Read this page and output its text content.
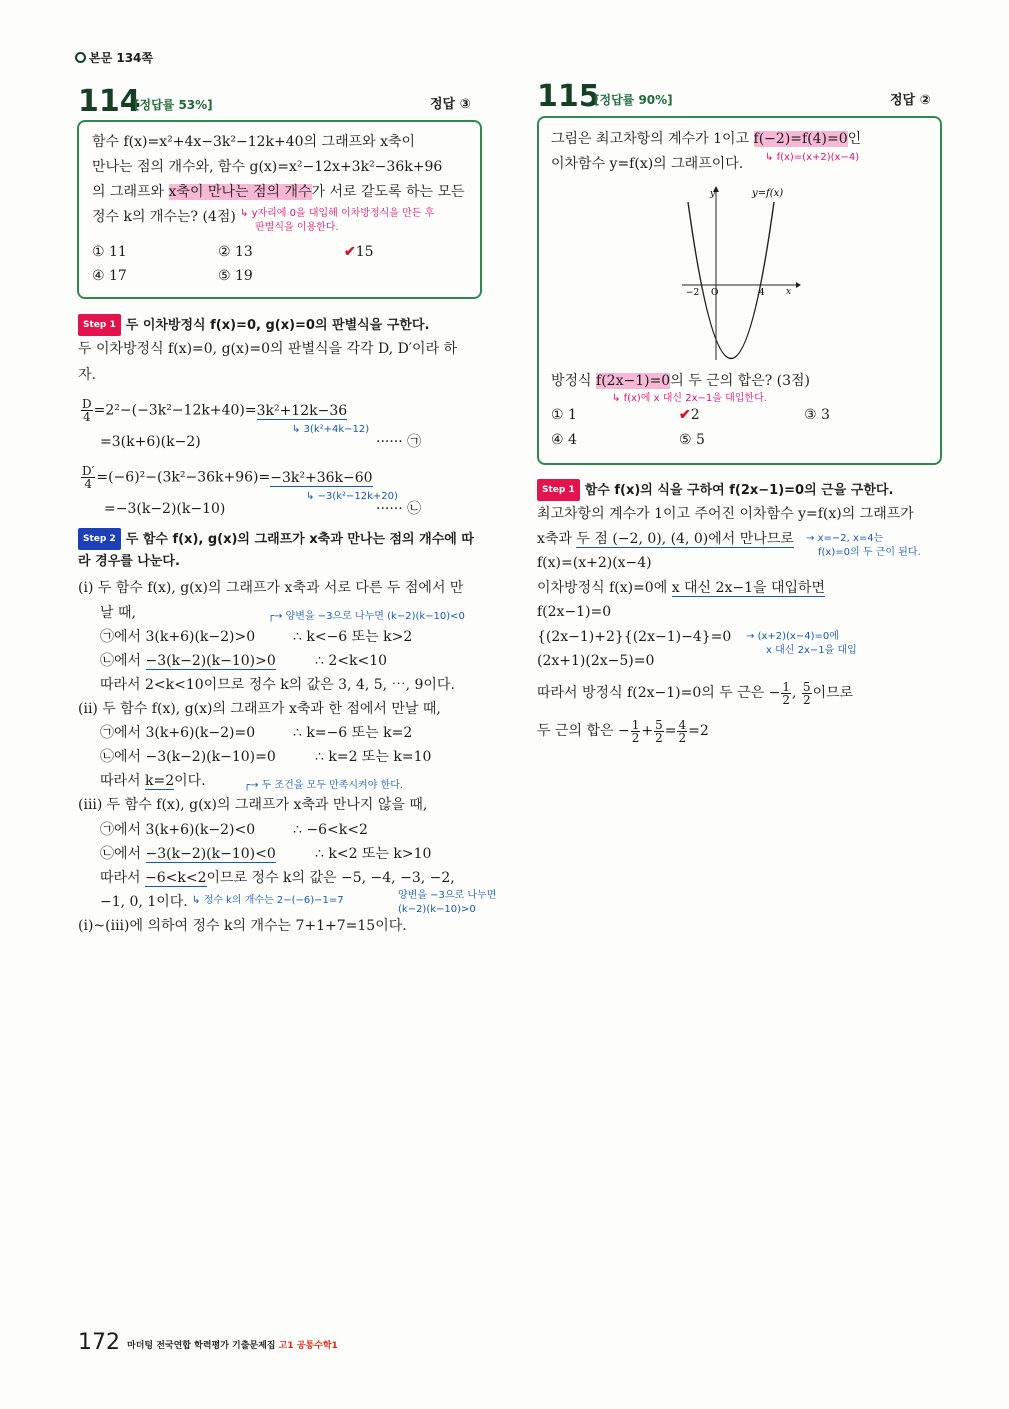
본문 134쪽
114
[정답률 53%]	정답 ③
함수 f(x)=x²+4x−3k²−12k+40의 그래프와 x축이
만나는 점의 개수와, 함수 g(x)=x²−12x+3k²−36k+96
의 그래프와 x축이 만나는 점의 개수가 서로 같도록 하는 모든
정수 k의 개수는? (4점) ↳ y자리에 0을 대입해 이차방정식을 만든 후
판별식을 이용한다.
① 11	② 13	✔15
④ 17	⑤ 19
Step 1 두 이차방정식 f(x)=0, g(x)=0의 판별식을 구한다.
두 이차방정식 f(x)=0, g(x)=0의 판별식을 각각 D, D′이라 하
자.
$\frac{D}{4} =2^2-(-3k^2-12k+40)=3k^2+12k-36$
↳ 3(k²+4k−12)
=3(k+6)(k−2)	······ ㉠
$\frac{D'}{4} =(-6)^2-(3k^2-36k+96)=-3k^2+36k-60$
↳ −3(k²−12k+20)
=−3(k−2)(k−10)	······ ㉡
Step 2 두 함수 f(x), g(x)의 그래프가 x축과 만나는 점의 개수에 따
라 경우를 나눈다.
(i) 두 함수 f(x), g(x)의 그래프가 x축과 서로 다른 두 점에서 만
날 때,	┌→ 양변을 −3으로 나누면 (k−2)(k−10)<0
㉠에서 3(k+6)(k−2)>0	∴ k<−6 또는 k>2
㉡에서 −3(k−2)(k−10)>0	∴ 2<k<10
따라서 2<k<10이므로 정수 k의 값은 3, 4, 5, ⋯, 9이다.
(ii) 두 함수 f(x), g(x)의 그래프가 x축과 한 점에서 만날 때,
㉠에서 3(k+6)(k−2)=0	∴ k=−6 또는 k=2
㉡에서 −3(k−2)(k−10)=0	∴ k=2 또는 k=10
따라서 k=2이다.	┌→ 두 조건을 모두 만족시켜야 한다.
(iii) 두 함수 f(x), g(x)의 그래프가 x축과 만나지 않을 때,
㉠에서 3(k+6)(k−2)<0	∴ −6<k<2
㉡에서 −3(k−2)(k−10)<0	∴ k<2 또는 k>10
따라서 −6<k<2이므로 정수 k의 값은 −5, −4, −3, −2,
−1, 0, 1이다. ↳ 정수 k의 개수는 2−(−6)−1=7	양변을 −3으로 나누면
(k−2)(k−10)>0
(i)~(iii)에 의하여 정수 k의 개수는 7+1+7=15이다.
115
[정답률 90%]	정답 ②
그림은 최고차항의 계수가 1이고 f(−2)=f(4)=0인
↳ f(x)=(x+2)(x−4)
이차함수 y=f(x)의 그래프이다.
y	y=f(x)
x
−2 O	4
방정식 f(2x−1)=0의 두 근의 합은? (3점)
↳ f(x)에 x 대신 2x−1을 대입한다.
① 1	✔2	③ 3
④ 4	⑤ 5
Step 1 함수 f(x)의 식을 구하여 f(2x−1)=0의 근을 구한다.
최고차항의 계수가 1이고 주어진 이차함수 y=f(x)의 그래프가
x축과 두 점 (−2, 0), (4, 0)에서 만나므로 → x=−2, x=4는
f(x)=0의 두 근이 된다.
f(x)=(x+2)(x−4)
이차방정식 f(x)=0에 x 대신 2x−1을 대입하면
f(2x−1)=0
{(2x−1)+2}{(2x−1)−4}=0 → (x+2)(x−4)=0에
x 대신 2x−1을 대입
(2x+1)(2x−5)=0
따라서 방정식 f(2x−1)=0의 두 근은 − $\frac{1}{2}$ , $\frac{5}{2}$ 이므로
두 근의 합은 − $\frac{1}{2} + \frac{5}{2} = \frac{4}{2} =2$
172 마더텅 전국연합 학력평가 기출문제집 고1 공통수학1
